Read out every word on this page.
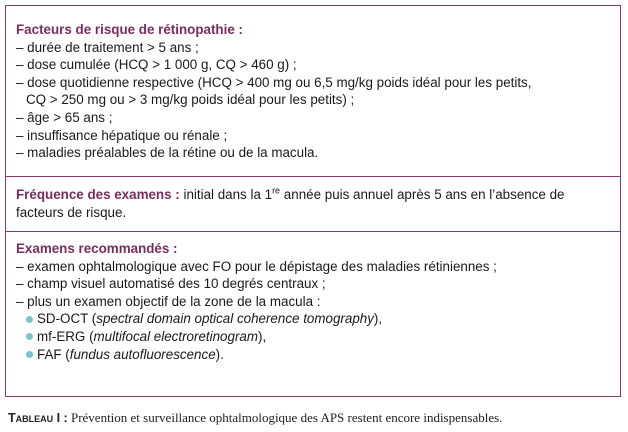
Facteurs de risque de rétinopathie :
– durée de traitement > 5 ans ;
– dose cumulée (HCQ > 1 000 g, CQ > 460 g) ;
– dose quotidienne respective (HCQ > 400 mg ou 6,5 mg/kg poids idéal pour les petits,
CQ > 250 mg ou > 3 mg/kg poids idéal pour les petits) ;
– âge > 65 ans ;
– insuffisance hépatique ou rénale ;
– maladies préalables de la rétine ou de la macula.
Fréquence des examens : initial dans la 1re année puis annuel après 5 ans en l’absence de
facteurs de risque.
Examens recommandés :
– examen ophtalmologique avec FO pour le dépistage des maladies rétiniennes ;
– champ visuel automatisé des 10 degrés centraux ;
– plus un examen objectif de la zone de la macula :
SD-OCT ( spectral domain optical coherence tomography ),
mf-ERG ( multifocal electroretinogram ),
FAF ( fundus autofluorescence ).
Tableau I : Prévention et surveillance ophtalmologique des APS restent encore indispensables.
